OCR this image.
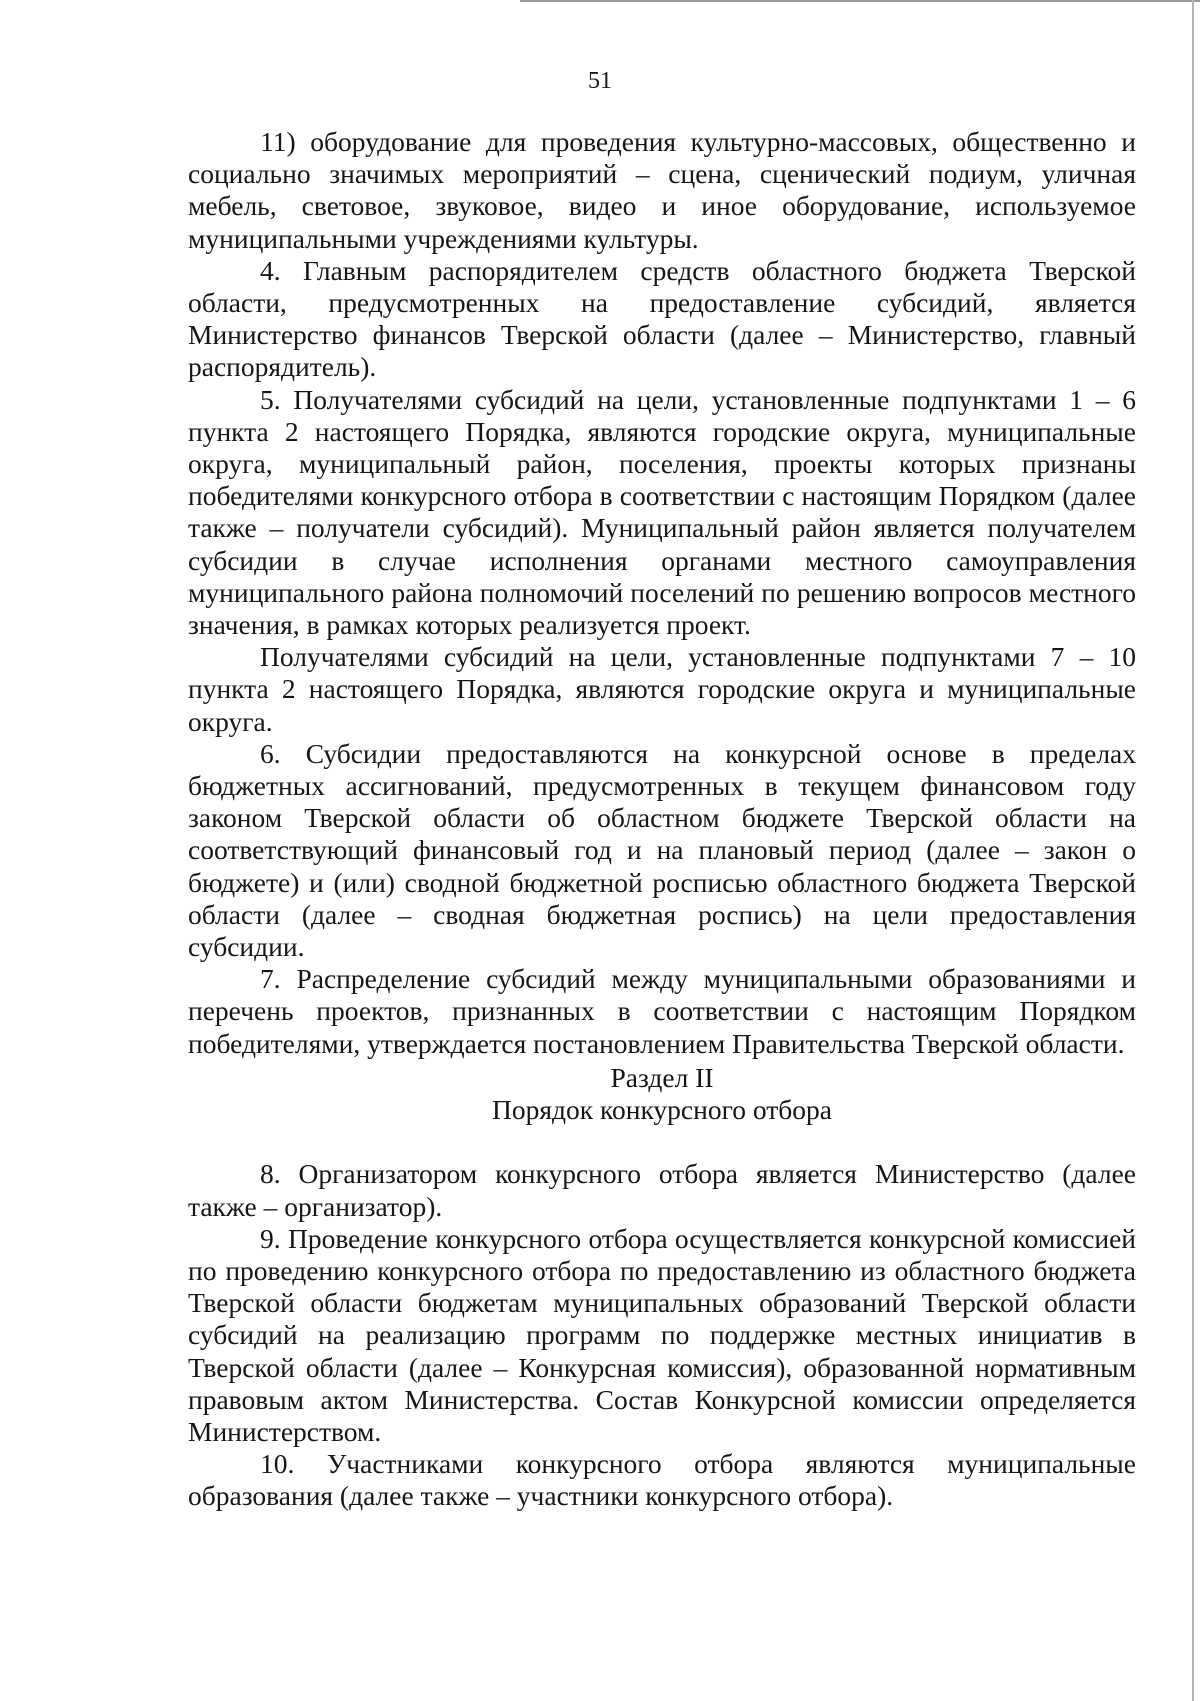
51

11) оборудование для проведения культурно-массовых, общественно и социально значимых мероприятий – сцена, сценический подиум, уличная мебель, световое, звуковое, видео и иное оборудование, используемое муниципальными учреждениями культуры.

4. Главным распорядителем средств областного бюджета Тверской области, предусмотренных на предоставление субсидий, является Министерство финансов Тверской области (далее – Министерство, главный распорядитель).

5. Получателями субсидий на цели, установленные подпунктами 1 – 6 пункта 2 настоящего Порядка, являются городские округа, муниципальные округа, муниципальный район, поселения, проекты которых признаны победителями конкурсного отбора в соответствии с настоящим Порядком (далее также – получатели субсидий). Муниципальный район является получателем субсидии в случае исполнения органами местного самоуправления муниципального района полномочий поселений по решению вопросов местного значения, в рамках которых реализуется проект.

Получателями субсидий на цели, установленные подпунктами 7 – 10 пункта 2 настоящего Порядка, являются городские округа и муниципальные округа.

6. Субсидии предоставляются на конкурсной основе в пределах бюджетных ассигнований, предусмотренных в текущем финансовом году законом Тверской области об областном бюджете Тверской области на соответствующий финансовый год и на плановый период (далее – закон о бюджете) и (или) сводной бюджетной росписью областного бюджета Тверской области (далее – сводная бюджетная роспись) на цели предоставления субсидии.

7. Распределение субсидий между муниципальными образованиями и перечень проектов, признанных в соответствии с настоящим Порядком победителями, утверждается постановлением Правительства Тверской области.

Раздел II

Порядок конкурсного отбора

8. Организатором конкурсного отбора является Министерство (далее также – организатор).

9. Проведение конкурсного отбора осуществляется конкурсной комиссией по проведению конкурсного отбора по предоставлению из областного бюджета Тверской области бюджетам муниципальных образований Тверской области субсидий на реализацию программ по поддержке местных инициатив в Тверской области (далее – Конкурсная комиссия), образованной нормативным правовым актом Министерства. Состав Конкурсной комиссии определяется Министерством.

10. Участниками конкурсного отбора являются муниципальные образования (далее также – участники конкурсного отбора).
